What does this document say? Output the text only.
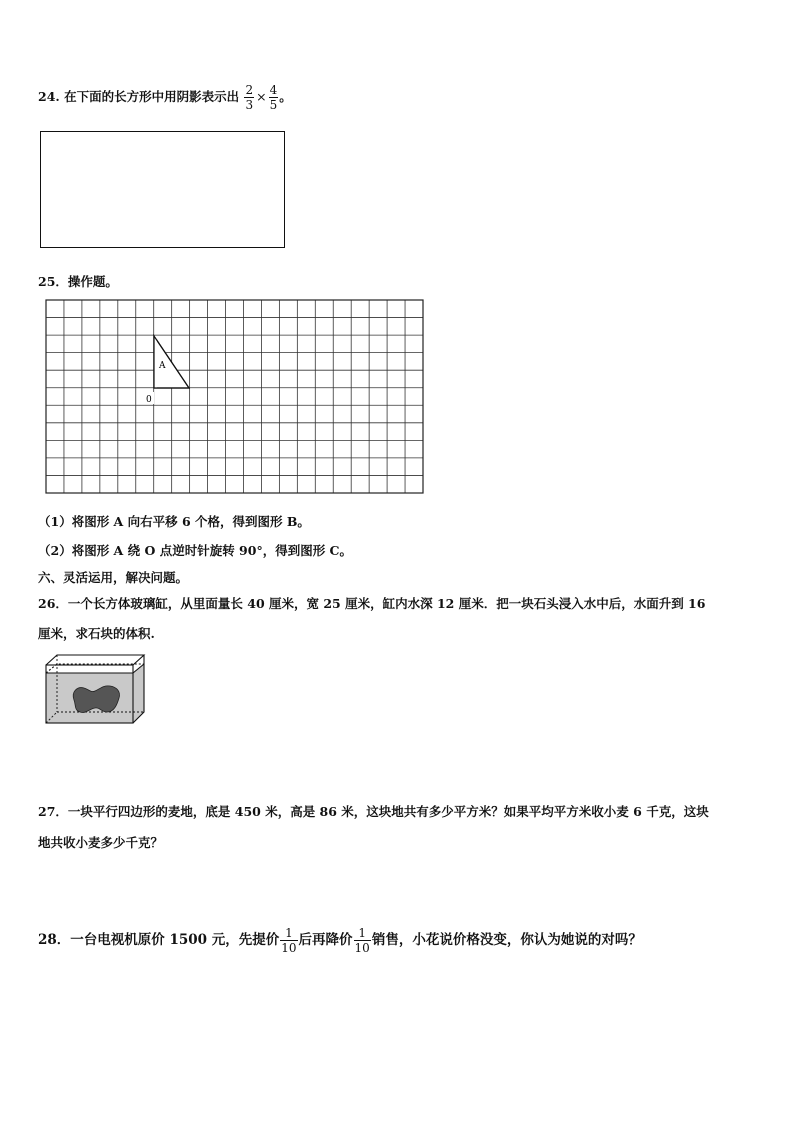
24. 在下面的长方形中用阴影表示出 $\frac{2}{3} \times \frac{4}{5}$ 。
25．操作题。
A
0
（1）将图形 A 向右平移 6 个格，得到图形 B。
（2）将图形 A 绕 O 点逆时针旋转 90°，得到图形 C。
六、灵活运用，解决问题。
26．一个长方体玻璃缸，从里面量长 40 厘米，宽 25 厘米，缸内水深 12 厘米．把一块石头浸入水中后，水面升到 16
厘米，求石块的体积.
27．一块平行四边形的麦地，底是 450 米，高是 86 米，这块地共有多少平方米？如果平均平方米收小麦 6 千克，这块
地共收小麦多少千克？
28．一台电视机原价 1500 元，先提价 $\frac{1}{10}$ 后再降价 $\frac{1}{10}$ 销售，小花说价格没变，你认为她说的对吗？
